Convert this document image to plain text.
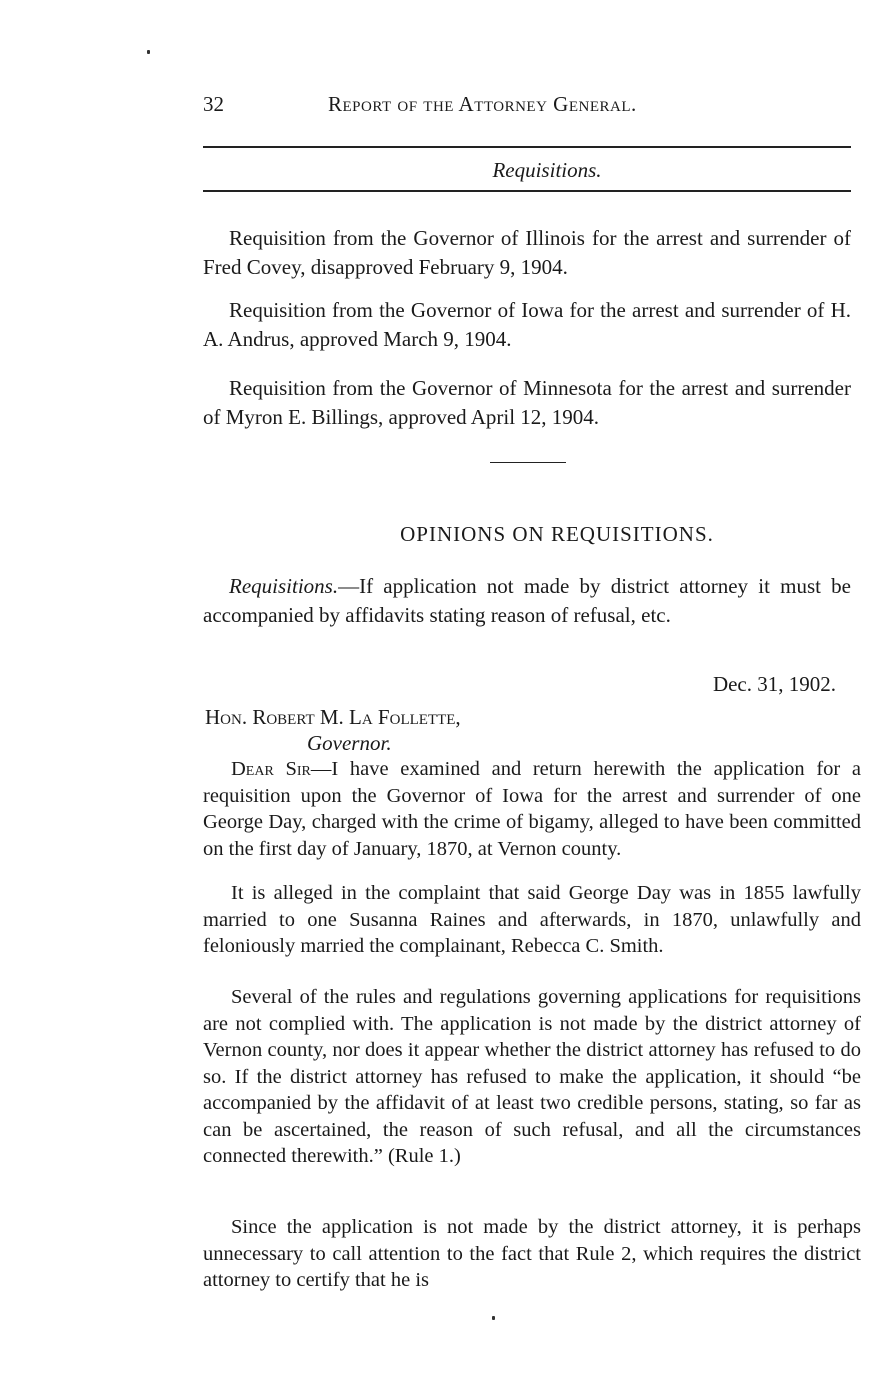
32	Report of the Attorney General.
Requisitions.

Requisition from the Governor of Illinois for the arrest and surrender of Fred Covey, disapproved February 9, 1904.

Requisition from the Governor of Iowa for the arrest and surrender of H. A. Andrus, approved March 9, 1904.

Requisition from the Governor of Minnesota for the arrest and surrender of Myron E. Billings, approved April 12, 1904.

OPINIONS ON REQUISITIONS.

Requisitions.—If application not made by district attorney it must be accompanied by affidavits stating reason of refusal, etc.

Dec. 31, 1902.
Hon. Robert M. La Follette,
Governor.

Dear Sir—I have examined and return herewith the application for a requisition upon the Governor of Iowa for the arrest and surrender of one George Day, charged with the crime of bigamy, alleged to have been committed on the first day of January, 1870, at Vernon county.

It is alleged in the complaint that said George Day was in 1855 lawfully married to one Susanna Raines and afterwards, in 1870, unlawfully and feloniously married the complainant, Rebecca C. Smith.

Several of the rules and regulations governing applications for requisitions are not complied with. The application is not made by the district attorney of Vernon county, nor does it appear whether the district attorney has refused to do so. If the district attorney has refused to make the application, it should “be accompanied by the affidavit of at least two credible persons, stating, so far as can be ascertained, the reason of such refusal, and all the circumstances connected therewith.” (Rule 1.)

Since the application is not made by the district attorney, it is perhaps unnecessary to call attention to the fact that Rule 2, which requires the district attorney to certify that he is
